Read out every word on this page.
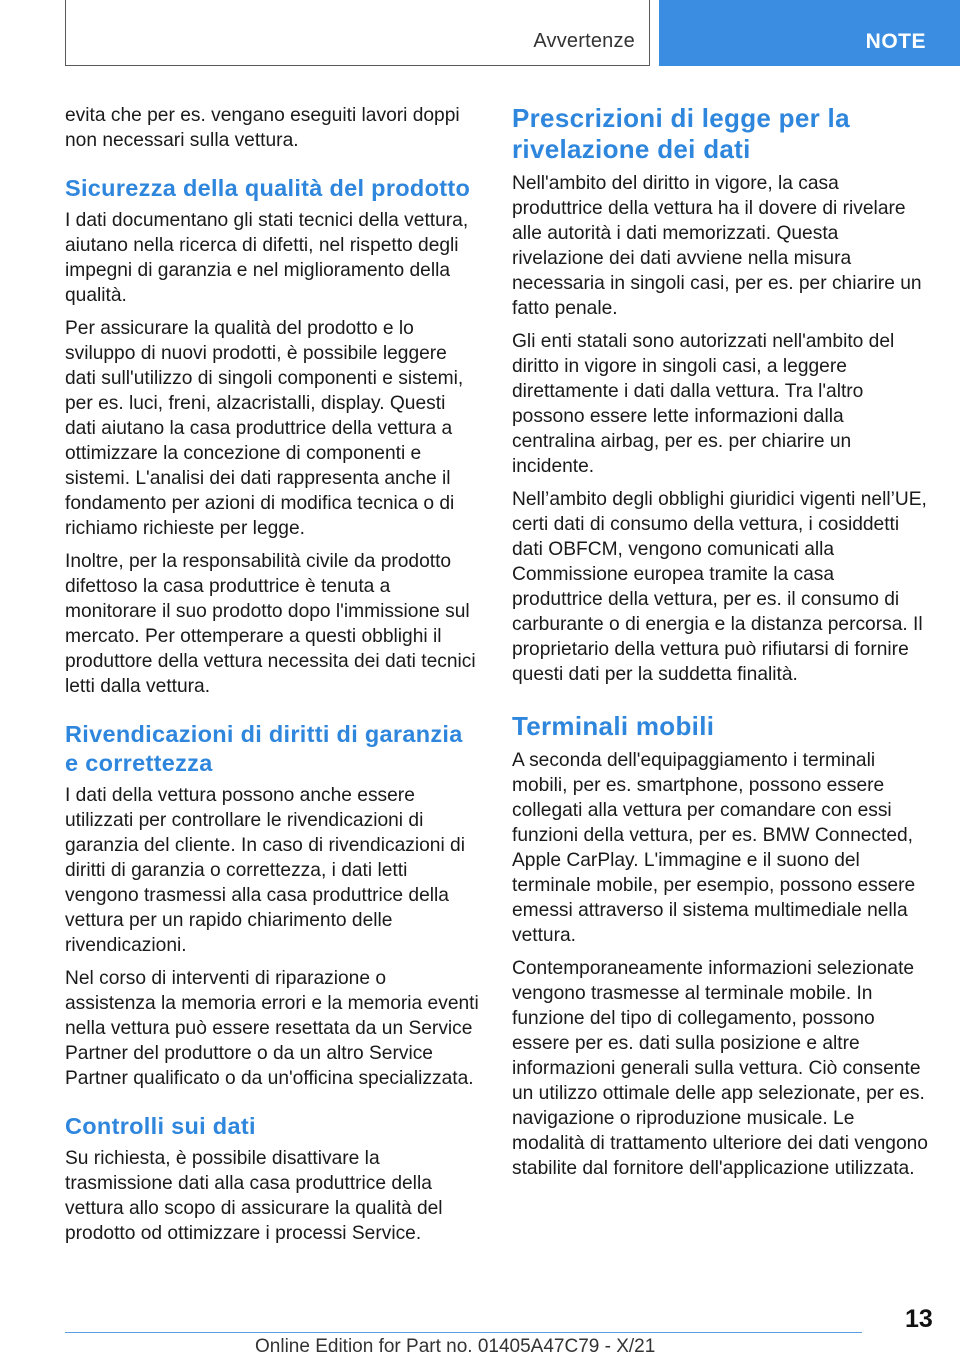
Avvertenze	NOTE

evita che per es. vengano eseguiti lavori doppi non necessari sulla vettura.

Sicurezza della qualità del prodotto

I dati documentano gli stati tecnici della vettura, aiutano nella ricerca di difetti, nel rispetto degli impegni di garanzia e nel miglioramento della qualità.

Per assicurare la qualità del prodotto e lo sviluppo di nuovi prodotti, è possibile leggere dati sull'utilizzo di singoli componenti e sistemi, per es. luci, freni, alzacristalli, display. Questi dati aiutano la casa produttrice della vettura a ottimizzare la concezione di componenti e sistemi. L'analisi dei dati rappresenta anche il fondamento per azioni di modifica tecnica o di richiamo richieste per legge.

Inoltre, per la responsabilità civile da prodotto difettoso la casa produttrice è tenuta a monitorare il suo prodotto dopo l'immissione sul mercato. Per ottemperare a questi obblighi il produttore della vettura necessita dei dati tecnici letti dalla vettura.

Rivendicazioni di diritti di garanzia e correttezza

I dati della vettura possono anche essere utilizzati per controllare le rivendicazioni di garanzia del cliente. In caso di rivendicazioni di diritti di garanzia o correttezza, i dati letti vengono trasmessi alla casa produttrice della vettura per un rapido chiarimento delle rivendicazioni.

Nel corso di interventi di riparazione o assistenza la memoria errori e la memoria eventi nella vettura può essere resettata da un Service Partner del produttore o da un altro Service Partner qualificato o da un'officina specializzata.

Controlli sui dati

Su richiesta, è possibile disattivare la trasmissione dati alla casa produttrice della vettura allo scopo di assicurare la qualità del prodotto od ottimizzare i processi Service.

Prescrizioni di legge per la rivelazione dei dati

Nell'ambito del diritto in vigore, la casa produttrice della vettura ha il dovere di rivelare alle autorità i dati memorizzati. Questa rivelazione dei dati avviene nella misura necessaria in singoli casi, per es. per chiarire un fatto penale.

Gli enti statali sono autorizzati nell'ambito del diritto in vigore in singoli casi, a leggere direttamente i dati dalla vettura. Tra l'altro possono essere lette informazioni dalla centralina airbag, per es. per chiarire un incidente.

Nell’ambito degli obblighi giuridici vigenti nell’UE, certi dati di consumo della vettura, i cosiddetti dati OBFCM, vengono comunicati alla Commissione europea tramite la casa produttrice della vettura, per es. il consumo di carburante o di energia e la distanza percorsa. Il proprietario della vettura può rifiutarsi di fornire questi dati per la suddetta finalità.

Terminali mobili

A seconda dell'equipaggiamento i terminali mobili, per es. smartphone, possono essere collegati alla vettura per comandare con essi funzioni della vettura, per es. BMW Connected, Apple CarPlay. L'immagine e il suono del terminale mobile, per esempio, possono essere emessi attraverso il sistema multimediale nella vettura.

Contemporaneamente informazioni selezionate vengono trasmesse al terminale mobile. In funzione del tipo di collegamento, possono essere per es. dati sulla posizione e altre informazioni generali sulla vettura. Ciò consente un utilizzo ottimale delle app selezionate, per es. navigazione o riproduzione musicale. Le modalità di trattamento ulteriore dei dati vengono stabilite dal fornitore dell'applicazione utilizzata.

13
Online Edition for Part no. 01405A47C79 - X/21
